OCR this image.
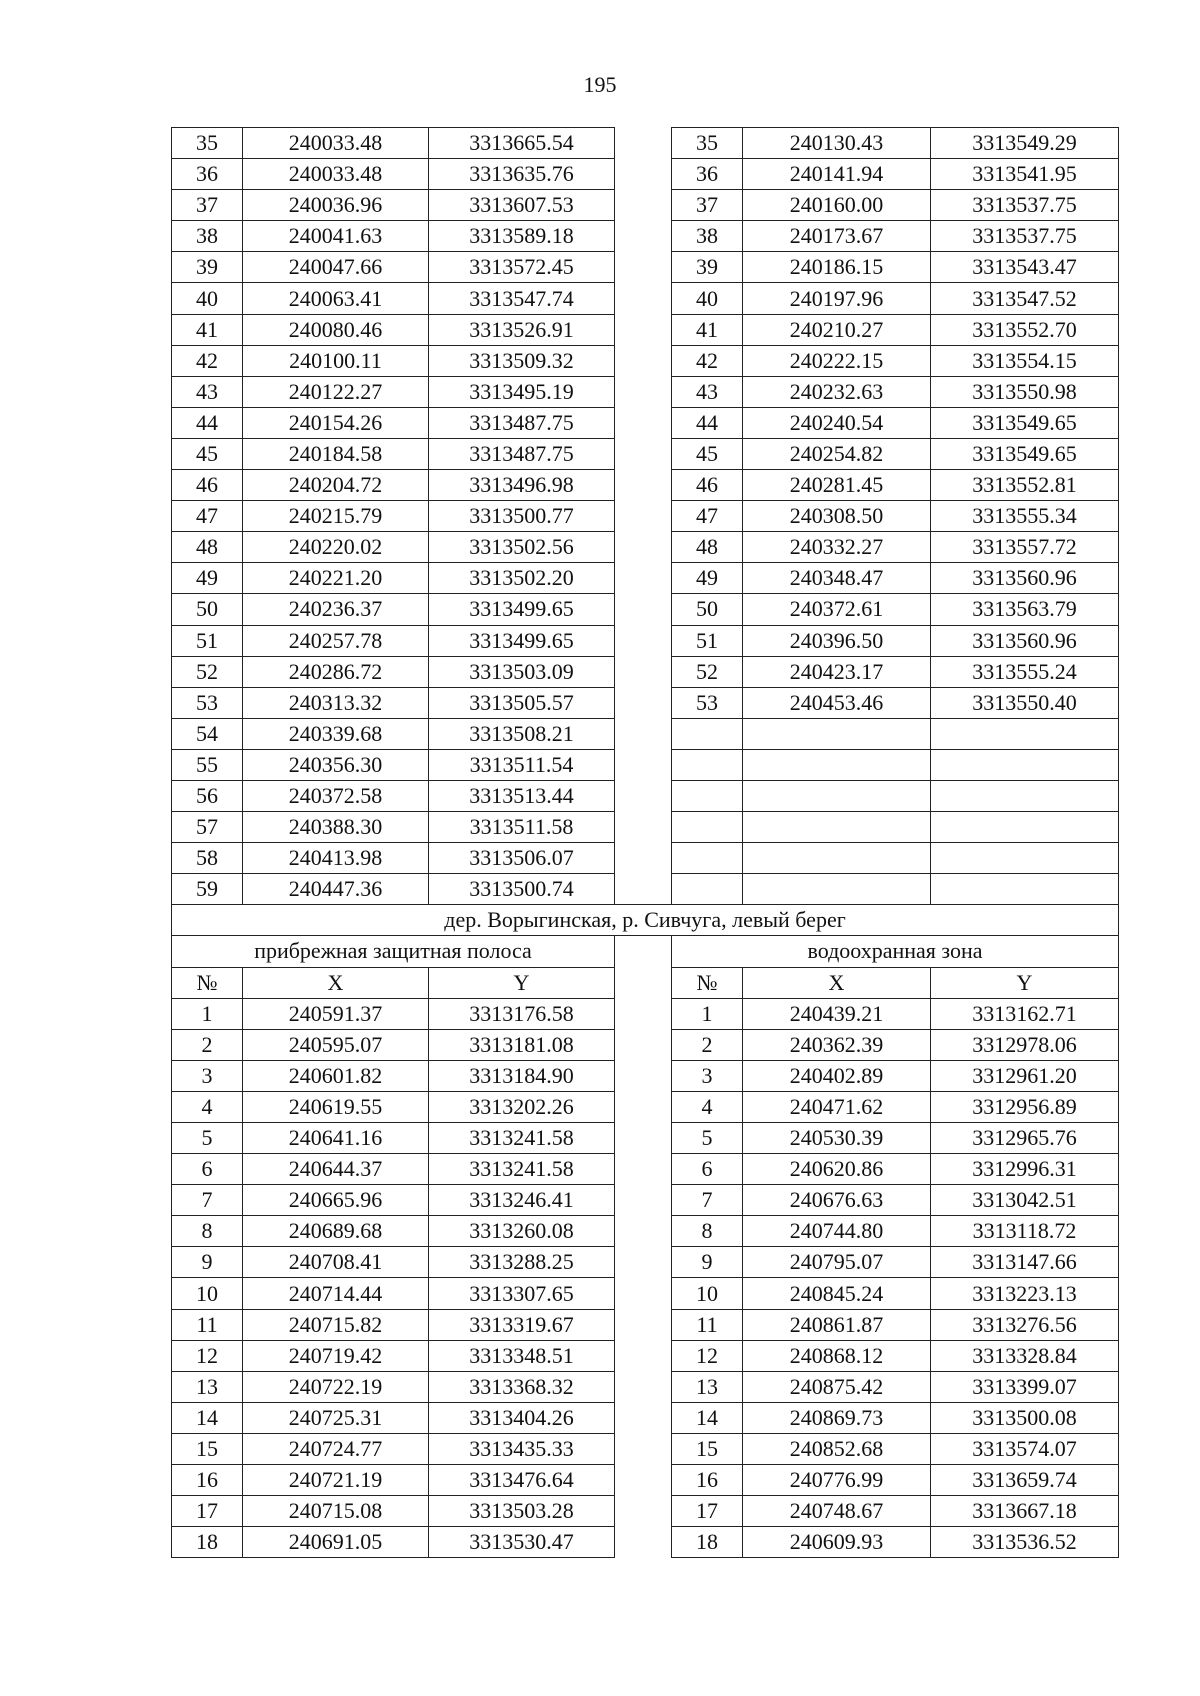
195
35	240033.48	3313665.54		35	240130.43	3313549.29
36	240033.48	3313635.76		36	240141.94	3313541.95
37	240036.96	3313607.53		37	240160.00	3313537.75
38	240041.63	3313589.18		38	240173.67	3313537.75
39	240047.66	3313572.45		39	240186.15	3313543.47
40	240063.41	3313547.74		40	240197.96	3313547.52
41	240080.46	3313526.91		41	240210.27	3313552.70
42	240100.11	3313509.32		42	240222.15	3313554.15
43	240122.27	3313495.19		43	240232.63	3313550.98
44	240154.26	3313487.75		44	240240.54	3313549.65
45	240184.58	3313487.75		45	240254.82	3313549.65
46	240204.72	3313496.98		46	240281.45	3313552.81
47	240215.79	3313500.77		47	240308.50	3313555.34
48	240220.02	3313502.56		48	240332.27	3313557.72
49	240221.20	3313502.20		49	240348.47	3313560.96
50	240236.37	3313499.65		50	240372.61	3313563.79
51	240257.78	3313499.65		51	240396.50	3313560.96
52	240286.72	3313503.09		52	240423.17	3313555.24
53	240313.32	3313505.57		53	240453.46	3313550.40
54	240339.68	3313508.21				
55	240356.30	3313511.54				
56	240372.58	3313513.44				
57	240388.30	3313511.58				
58	240413.98	3313506.07				
59	240447.36	3313500.74				
дер. Ворыгинская, р. Сивчуга, левый берег						
прибрежная защитная полоса				водоохранная зона		
№	X	Y		№	X	Y
1	240591.37	3313176.58		1	240439.21	3313162.71
2	240595.07	3313181.08		2	240362.39	3312978.06
3	240601.82	3313184.90		3	240402.89	3312961.20
4	240619.55	3313202.26		4	240471.62	3312956.89
5	240641.16	3313241.58		5	240530.39	3312965.76
6	240644.37	3313241.58		6	240620.86	3312996.31
7	240665.96	3313246.41		7	240676.63	3313042.51
8	240689.68	3313260.08		8	240744.80	3313118.72
9	240708.41	3313288.25		9	240795.07	3313147.66
10	240714.44	3313307.65		10	240845.24	3313223.13
11	240715.82	3313319.67		11	240861.87	3313276.56
12	240719.42	3313348.51		12	240868.12	3313328.84
13	240722.19	3313368.32		13	240875.42	3313399.07
14	240725.31	3313404.26		14	240869.73	3313500.08
15	240724.77	3313435.33		15	240852.68	3313574.07
16	240721.19	3313476.64		16	240776.99	3313659.74
17	240715.08	3313503.28		17	240748.67	3313667.18
18	240691.05	3313530.47		18	240609.93	3313536.52
